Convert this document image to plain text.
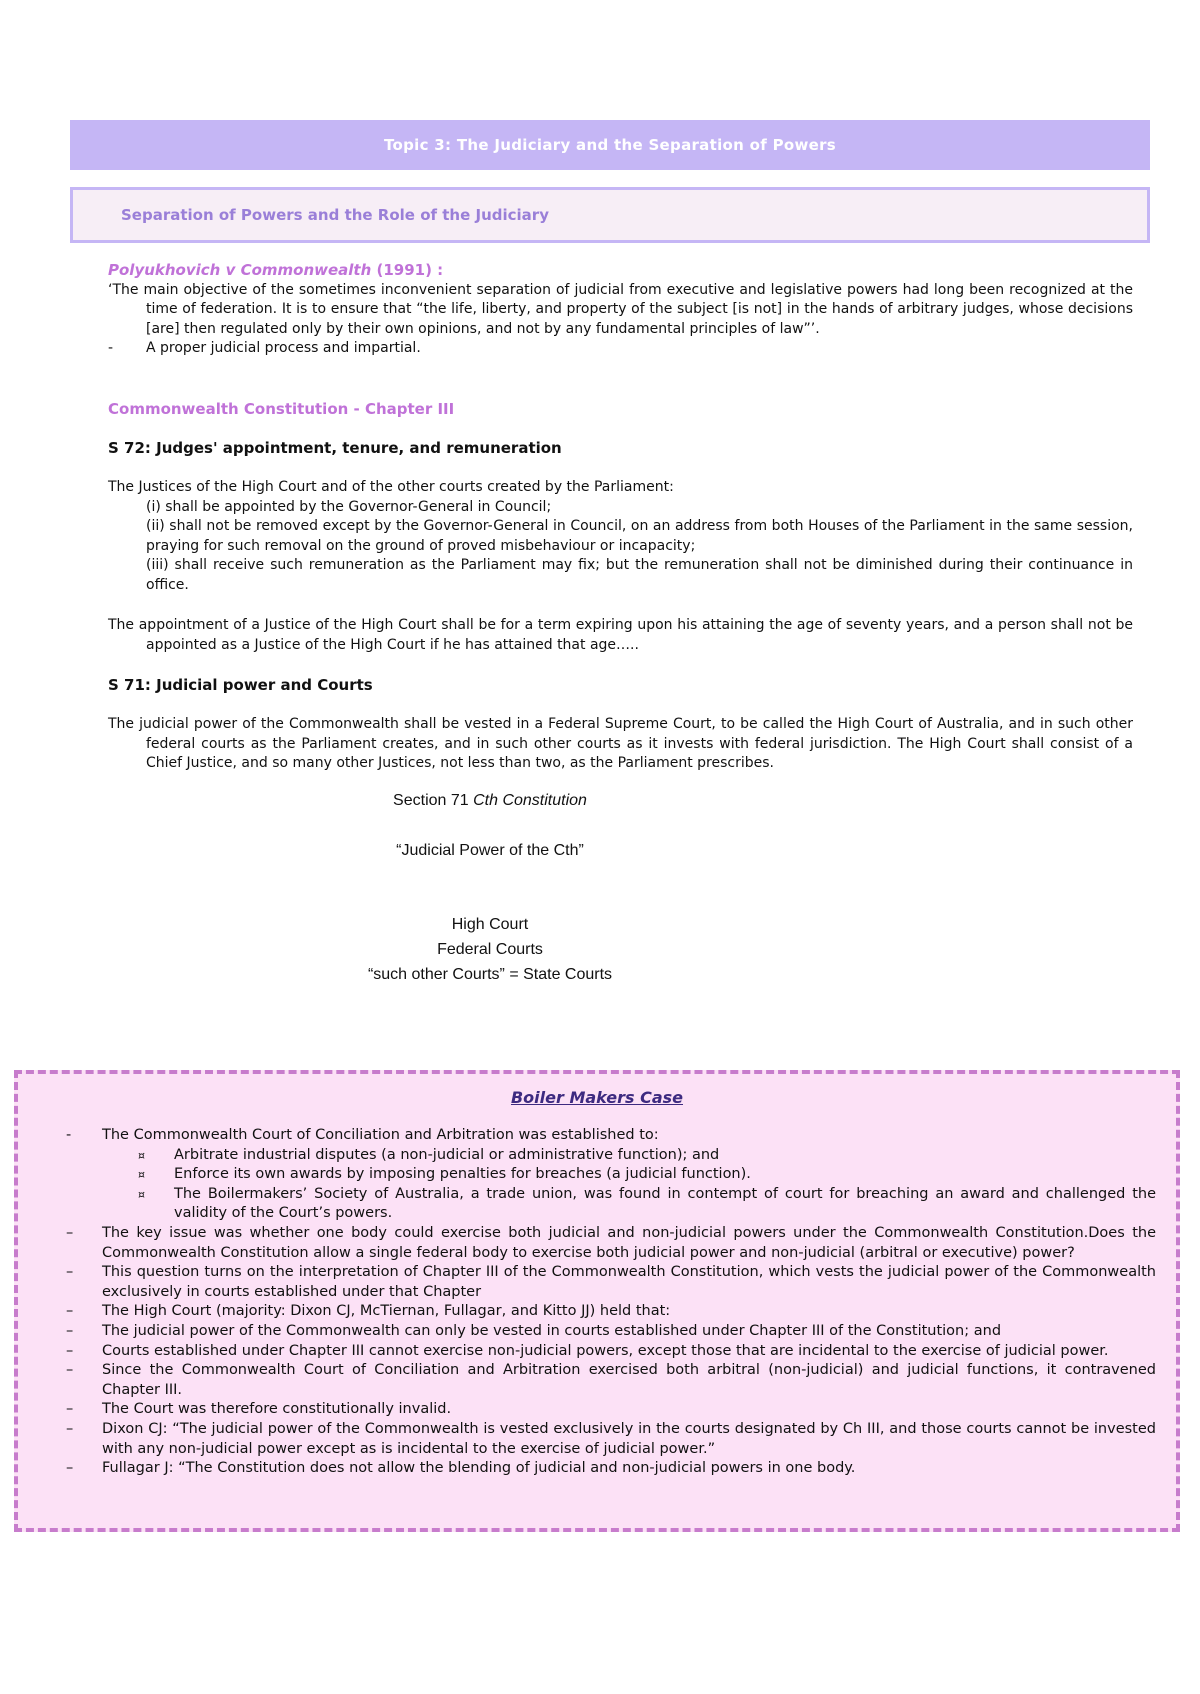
Topic 3: The Judiciary and the Separation of Powers
Separation of Powers and the Role of the Judiciary
Polyukhovich v Commonwealth (1991) :
‘The main objective of the sometimes inconvenient separation of judicial from executive and legislative powers had long been recognized at the time of federation. It is to ensure that “the life, liberty, and property of the subject [is not] in the hands of arbitrary judges, whose decisions [are] then regulated only by their own opinions, and not by any fundamental principles of law”’.
-	A proper judicial process and impartial.
Commonwealth Constitution - Chapter III
S 72: Judges' appointment, tenure, and remuneration
The Justices of the High Court and of the other courts created by the Parliament:

(i) shall be appointed by the Governor-General in Council;

(ii) shall not be removed except by the Governor-General in Council, on an address from both Houses of the Parliament in the same session, praying for such removal on the ground of proved misbehaviour or incapacity;

(iii) shall receive such remuneration as the Parliament may fix; but the remuneration shall not be diminished during their continuance in office.

The appointment of a Justice of the High Court shall be for a term expiring upon his attaining the age of seventy years, and a person shall not be appointed as a Justice of the High Court if he has attained that age…..
S 71: Judicial power and Courts
The judicial power of the Commonwealth shall be vested in a Federal Supreme Court, to be called the High Court of Australia, and in such other federal courts as the Parliament creates, and in such other courts as it invests with federal jurisdiction. The High Court shall consist of a Chief Justice, and so many other Justices, not less than two, as the Parliament prescribes.
Section 71 Cth Constitution
“Judicial Power of the Cth”
High Court
Federal Courts
“such other Courts” = State Courts
Boiler Makers Case
-	The Commonwealth Court of Conciliation and Arbitration was established to:
¤	Arbitrate industrial disputes (a non-judicial or administrative function); and
¤	Enforce its own awards by imposing penalties for breaches (a judicial function).
¤	The Boilermakers’ Society of Australia, a trade union, was found in contempt of court for breaching an award and challenged the validity of the Court’s powers.
–	The key issue was whether one body could exercise both judicial and non-judicial powers under the Commonwealth Constitution.Does the Commonwealth Constitution allow a single federal body to exercise both judicial power and non-judicial (arbitral or executive) power?
–	This question turns on the interpretation of Chapter III of the Commonwealth Constitution, which vests the judicial power of the Commonwealth exclusively in courts established under that Chapter
–	The High Court (majority: Dixon CJ, McTiernan, Fullagar, and Kitto JJ) held that:
–	The judicial power of the Commonwealth can only be vested in courts established under Chapter III of the Constitution; and
–	Courts established under Chapter III cannot exercise non-judicial powers, except those that are incidental to the exercise of judicial power.
–	Since the Commonwealth Court of Conciliation and Arbitration exercised both arbitral (non-judicial) and judicial functions, it contravened Chapter III.
–	The Court was therefore constitutionally invalid.
–	Dixon CJ: “The judicial power of the Commonwealth is vested exclusively in the courts designated by Ch III, and those courts cannot be invested with any non-judicial power except as is incidental to the exercise of judicial power.”
–	Fullagar J: “The Constitution does not allow the blending of judicial and non-judicial powers in one body.
